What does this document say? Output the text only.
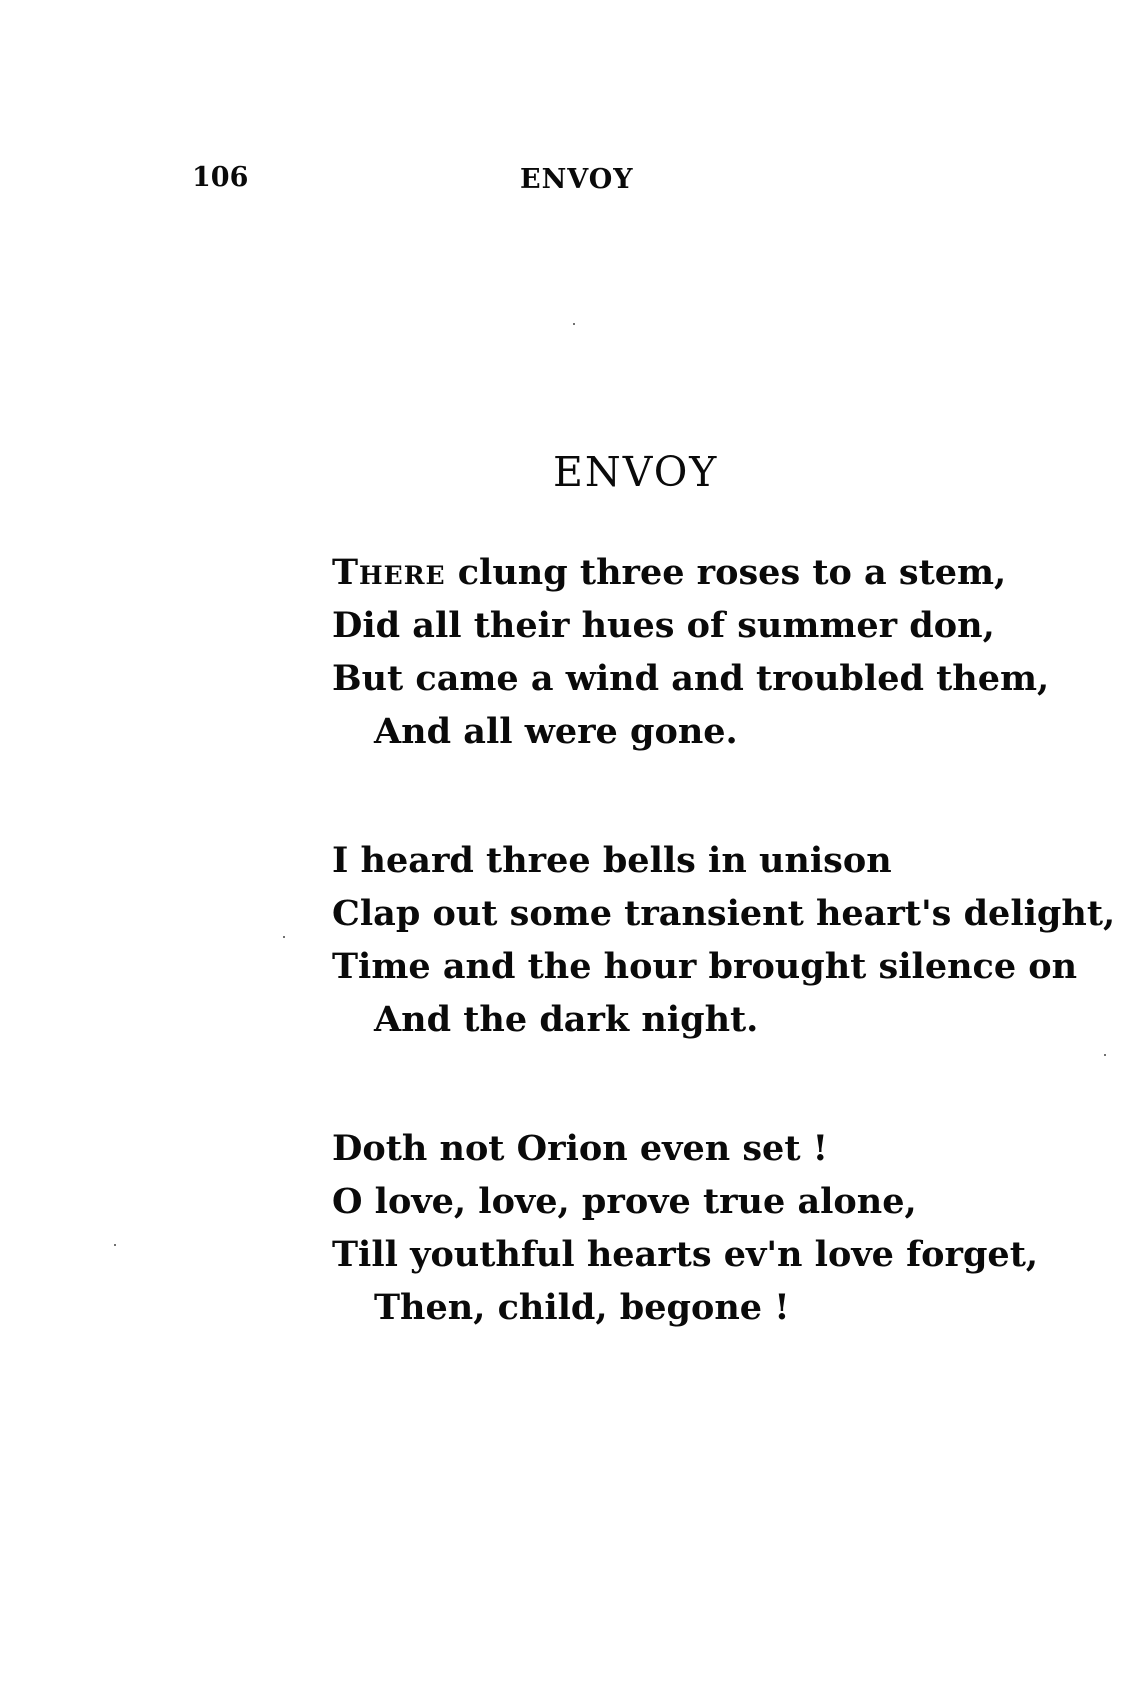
106	ENVOY
ENVOY
There clung three roses to a stem,
Did all their hues of summer don,
But came a wind and troubled them,
And all were gone.
I heard three bells in unison
Clap out some transient heart's delight,
Time and the hour brought silence on
And the dark night.
Doth not Orion even set !
O love, love, prove true alone,
Till youthful hearts ev'n love forget,
Then, child, begone !
